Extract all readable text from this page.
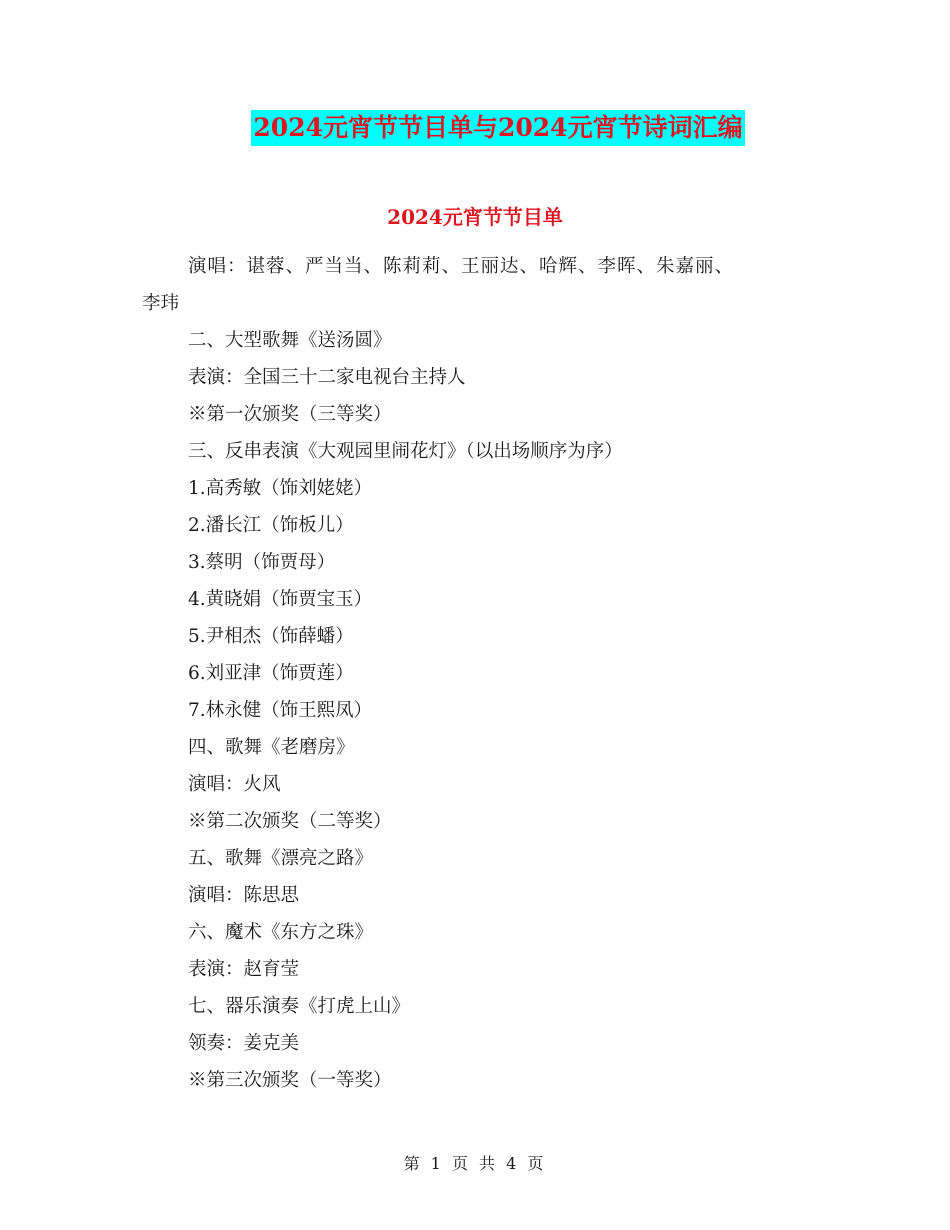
2024元宵节节目单与2024元宵节诗词汇编
2024元宵节节目单

演唱：谌蓉、严当当、陈莉莉、王丽达、哈辉、李晖、朱嘉丽、

李玮

二、大型歌舞《送汤圆》

表演：全国三十二家电视台主持人

※第一次颁奖（三等奖）

三、反串表演《大观园里闹花灯》（以出场顺序为序）

1.高秀敏（饰刘姥姥）

2.潘长江（饰板儿）

3.蔡明（饰贾母）

4.黄晓娟（饰贾宝玉）

5.尹相杰（饰薛蟠）

6.刘亚津（饰贾莲）

7.林永健（饰王熙凤）

四、歌舞《老磨房》

演唱：火风

※第二次颁奖（二等奖）

五、歌舞《漂亮之路》

演唱：陈思思

六、魔术《东方之珠》

表演：赵育莹

七、器乐演奏《打虎上山》

领奏：姜克美

※第三次颁奖（一等奖）

第 1 页 共 4 页
